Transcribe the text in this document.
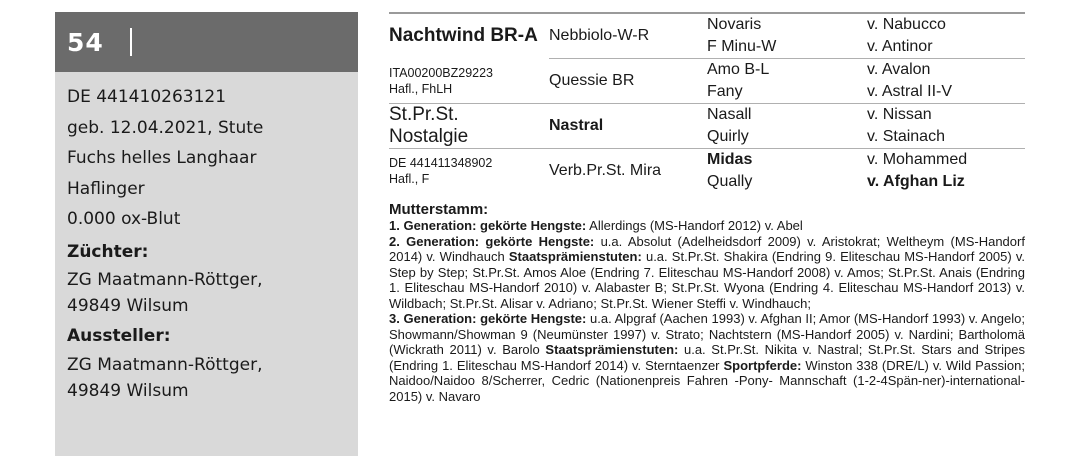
54
DE 441410263121
geb. 12.04.2021, Stute
Fuchs helles Langhaar
Haflinger
0.000 ox-Blut
Züchter:
ZG Maatmann-Röttger,
49849 Wilsum
Aussteller:
ZG Maatmann-Röttger,
49849 Wilsum
Nachtwind BR-A	Nebbiolo-W-R	Novaris	v. Nabucco
		F Minu-W	v. Antinor

ITA00200BZ29223
Hafl., FhLH	Quessie BR	Amo B-L	v. Avalon
		Fany	v. Astral II-V

St.Pr.St.
Nostalgie	Nastral	Nasall	v. Nissan
		Quirly	v. Stainach

DE 441411348902
Hafl., F	Verb.Pr.St. Mira	Midas	v. Mohammed
		Qually	v. Afghan Liz
Mutterstamm:
1. Generation: gekörte Hengste: Allerdings (MS-Handorf 2012) v. Abel
2. Generation: gekörte Hengste: u.a. Absolut (Adelheidsdorf 2009) v. Aristokrat; Weltheym (MS-Handorf 2014) v. Windhauch Staatsprämienstuten: u.a. St.Pr.St. Shakira (Endring 9. Eliteschau MS-Handorf 2005) v. Step by Step; St.Pr.St. Amos Aloe (Endring 7. Eliteschau MS-Handorf 2008) v. Amos; St.Pr.St. Anais (Endring 1. Eliteschau MS-Handorf 2010) v. Alabaster B; St.Pr.St. Wyona (Endring 4. Eliteschau MS-Handorf 2013) v. Wildbach; St.Pr.St. Alisar v. Adriano; St.Pr.St. Wiener Steffi v. Windhauch;
3. Generation: gekörte Hengste: u.a. Alpgraf (Aachen 1993) v. Afghan II; Amor (MS-Handorf 1993) v. Angelo; Showmann/Showman 9 (Neumünster 1997) v. Strato; Nachtstern (MS-Handorf 2005) v. Nardini; Bartholomä (Wickrath 2011) v. Barolo Staatsprämienstuten: u.a. St.Pr.St. Nikita v. Nastral; St.Pr.St. Stars and Stripes (Endring 1. Eliteschau MS-Handorf 2014) v. Sterntaenzer Sportpferde: Winston 338 (DRE/L) v. Wild Passion; Naidoo/Naidoo 8/Scherrer, Cedric (Nationenpreis Fahren -Pony- Mannschaft (1-2-4Spän-ner)-international- 2015) v. Navaro
